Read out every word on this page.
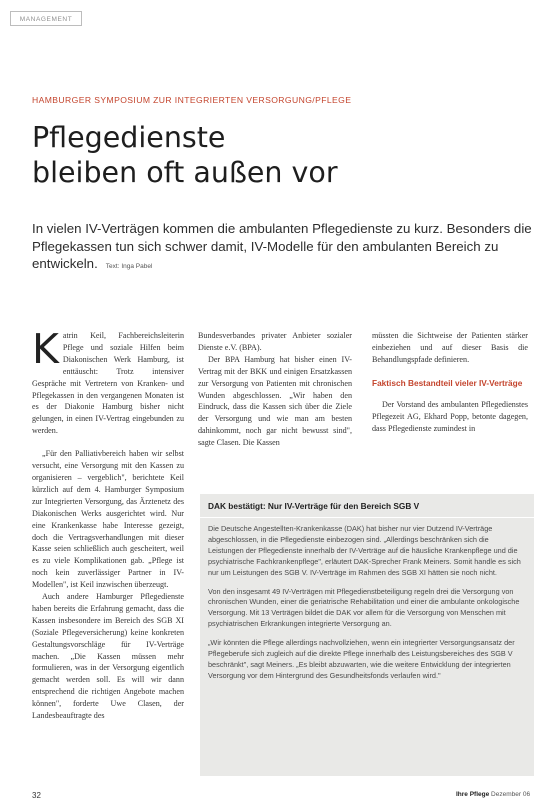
MANAGEMENT
HAMBURGER SYMPOSIUM ZUR INTEGRIERTEN VERSORGUNG/PFLEGE
Pflegedienste
bleiben oft außen vor
In vielen IV-Verträgen kommen die ambulanten Pflegedienste zu kurz. Besonders die Pflegekassen tun sich schwer damit, IV-Modelle für den ambulanten Bereich zu entwickeln. Text: Inga Pabel

Katrin Keil, Fachbereichsleiterin Pflege und soziale Hilfen beim Diakonischen Werk Hamburg, ist enttäuscht: Trotz intensiver Gespräche mit Vertretern von Kranken- und Pflegekassen in den vergangenen Monaten ist es der Diakonie Hamburg bisher nicht gelungen, in einen IV-Vertrag eingebunden zu werden.

„Für den Palliativbereich haben wir selbst versucht, eine Versorgung mit den Kassen zu organisieren – vergeblich", berichtete Keil kürzlich auf dem 4. Hamburger Symposium zur Integrierten Versorgung, das Ärztenetz des Diakonischen Werks ausgerichtet wird. Nur eine Krankenkasse habe Interesse gezeigt, doch die Vertragsverhandlungen mit dieser Kasse seien schließlich auch gescheitert, weil es zu viele Komplikationen gab. „Pflege ist noch kein zuverlässiger Partner in IV-Modellen", ist Keil inzwischen überzeugt.

Auch andere Hamburger Pflegedienste haben bereits die Erfahrung gemacht, dass die Kassen insbesondere im Bereich des SGB XI (Soziale Pflegeversicherung) keine konkreten Gestaltungsvorschläge für IV-Verträge machen. „Die Kassen müssen mehr formulieren, was in der Versorgung eigentlich gemacht werden soll. Es will wir dann entsprechend die richtigen Angebote machen können", forderte Uwe Clasen, der Landesbeauftragte des

Bundesverbandes privater Anbieter sozialer Dienste e.V. (BPA).

Der BPA Hamburg hat bisher einen IV-Vertrag mit der BKK und einigen Ersatzkassen zur Versorgung von Patienten mit chronischen Wunden abgeschlossen. „Wir haben den Eindruck, dass die Kassen sich über die Ziele der Versorgung und wie man am besten dahinkommt, noch gar nicht bewusst sind", sagte Clasen. Die Kassen

müssten die Sichtweise der Patienten stärker einbeziehen und auf dieser Basis die Behandlungspfade definieren.

Faktisch Bestandteil vieler IV-Verträge

Der Vorstand des ambulanten Pflegedienstes Pflegezeit AG, Ekhard Popp, betonte dagegen, dass Pflegedienste zumindest in

DAK bestätigt: Nur IV-Verträge für den Bereich SGB V

Die Deutsche Angestellten-Krankenkasse (DAK) hat bisher nur vier Dutzend IV-Verträge abgeschlossen, in die Pflegedienste einbezogen sind. „Allerdings beschränken sich die Leistungen der Pflegedienste innerhalb der IV-Verträge auf die häusliche Krankenpflege und die psychiatrische Fachkrankenpflege", erläutert DAK-Sprecher Frank Meiners. Somit handle es sich nur um Leistungen des SGB V. IV-Verträge im Rahmen des SGB XI hätten sie noch nicht.

Von den insgesamt 49 IV-Verträgen mit Pflegedienstbeteiligung regeln drei die Versorgung von chronischen Wunden, einer die geriatrische Rehabilitation und einer die ambulante onkologische Versorgung. Mit 13 Verträgen bildet die DAK vor allem für die Versorgung von Menschen mit psychiatrischen Erkrankungen integrierte Versorgung an.

„Wir könnten die Pflege allerdings nachvollziehen, wenn ein integrierter Versorgungsansatz der Pflegeberufe sich zugleich auf die direkte Pflege innerhalb des Leistungsbereiches des SGB V beschränkt", sagt Meiners. „Es bleibt abzuwarten, wie die weitere Entwicklung der integrierten Versorgung vor dem Hintergrund des Gesundheitsfonds verlaufen wird."

32	Ihre Pflege Dezember 06
